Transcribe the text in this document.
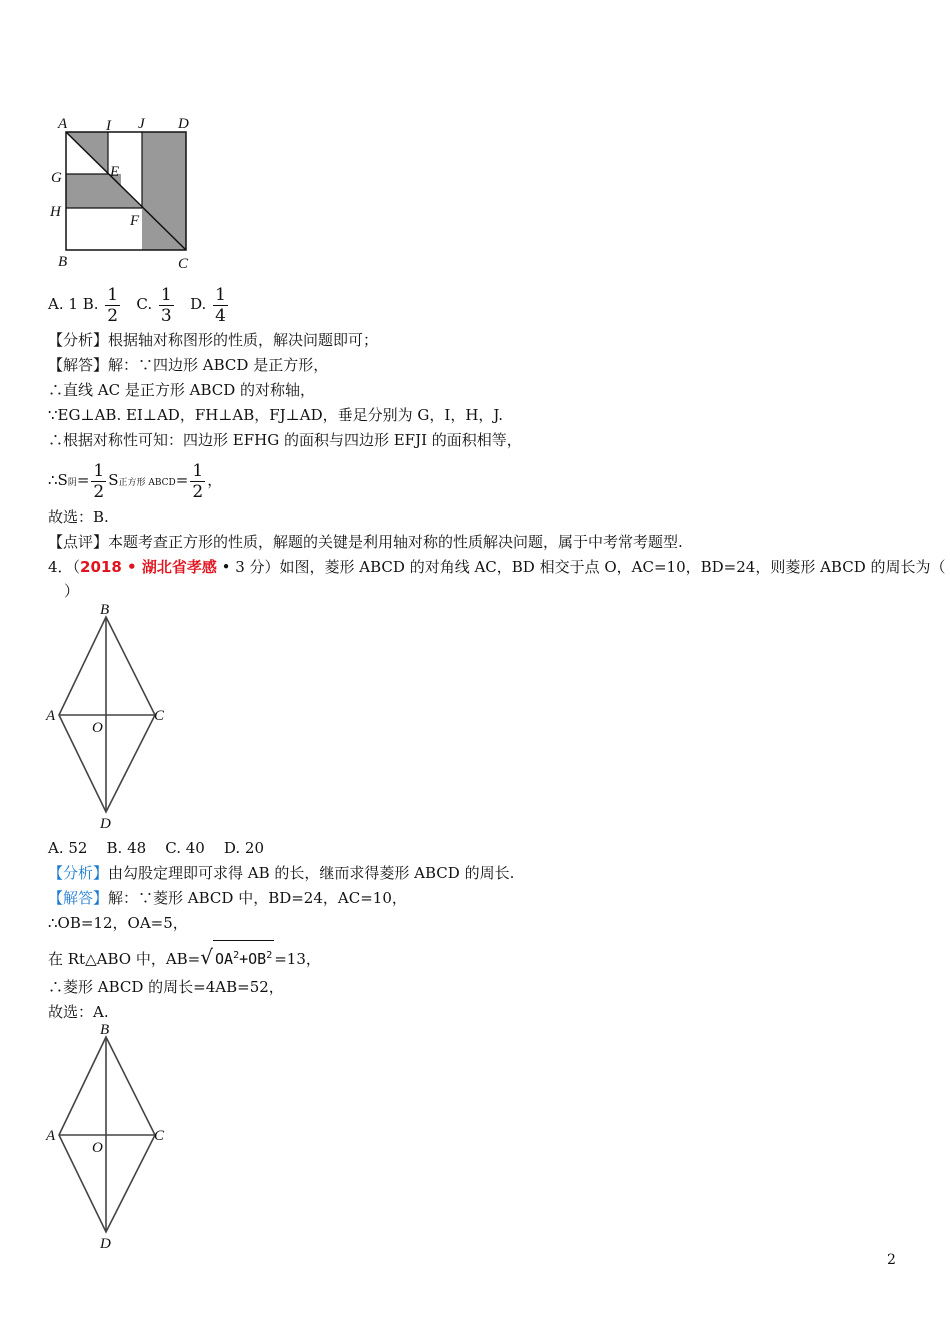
A	I J D
G	E
H
F
B	C
A. 1 B. $\frac{1}{2} C$. $\frac{1}{3} D$. $\frac{1}{4}$
【分析】根据轴对称图形的性质，解决问题即可；
【解答】解：∵四边形 ABCD 是正方形，
∴直线 AC 是正方形 ABCD 的对称轴，
∵EG⊥AB. EI⊥AD，FH⊥AB，FJ⊥AD，垂足分别为 G，I，H，J.
∴根据对称性可知：四边形 EFHG 的面积与四边形 EFJI 的面积相等，
∴S阴= $\frac{1}{2}$ S正方形 ABCD= $\frac{1}{2}$ ，
故选：B.
【点评】本题考查正方形的性质，解题的关键是利用轴对称的性质解决问题，属于中考常考题型.
4．（2018 • 湖北省孝感 • 3 分）如图，菱形 ABCD 的对角线 AC，BD 相交于点 O，AC=10，BD=24，则菱形 ABCD 的周长为（
）
B
A	C
O
D
A. 52    B. 48    C. 40    D. 20
【分析】由勾股定理即可求得 AB 的长，继而求得菱形 ABCD 的周长.
【解答】解：∵菱形 ABCD 中，BD=24，AC=10，
∴OB=12，OA=5，
在 Rt△ABO 中，AB=√ $OA^2+OB^2 =13$，
∴菱形 ABCD 的周长=4AB=52，
故选：A.
B
A	C
O
D
2
